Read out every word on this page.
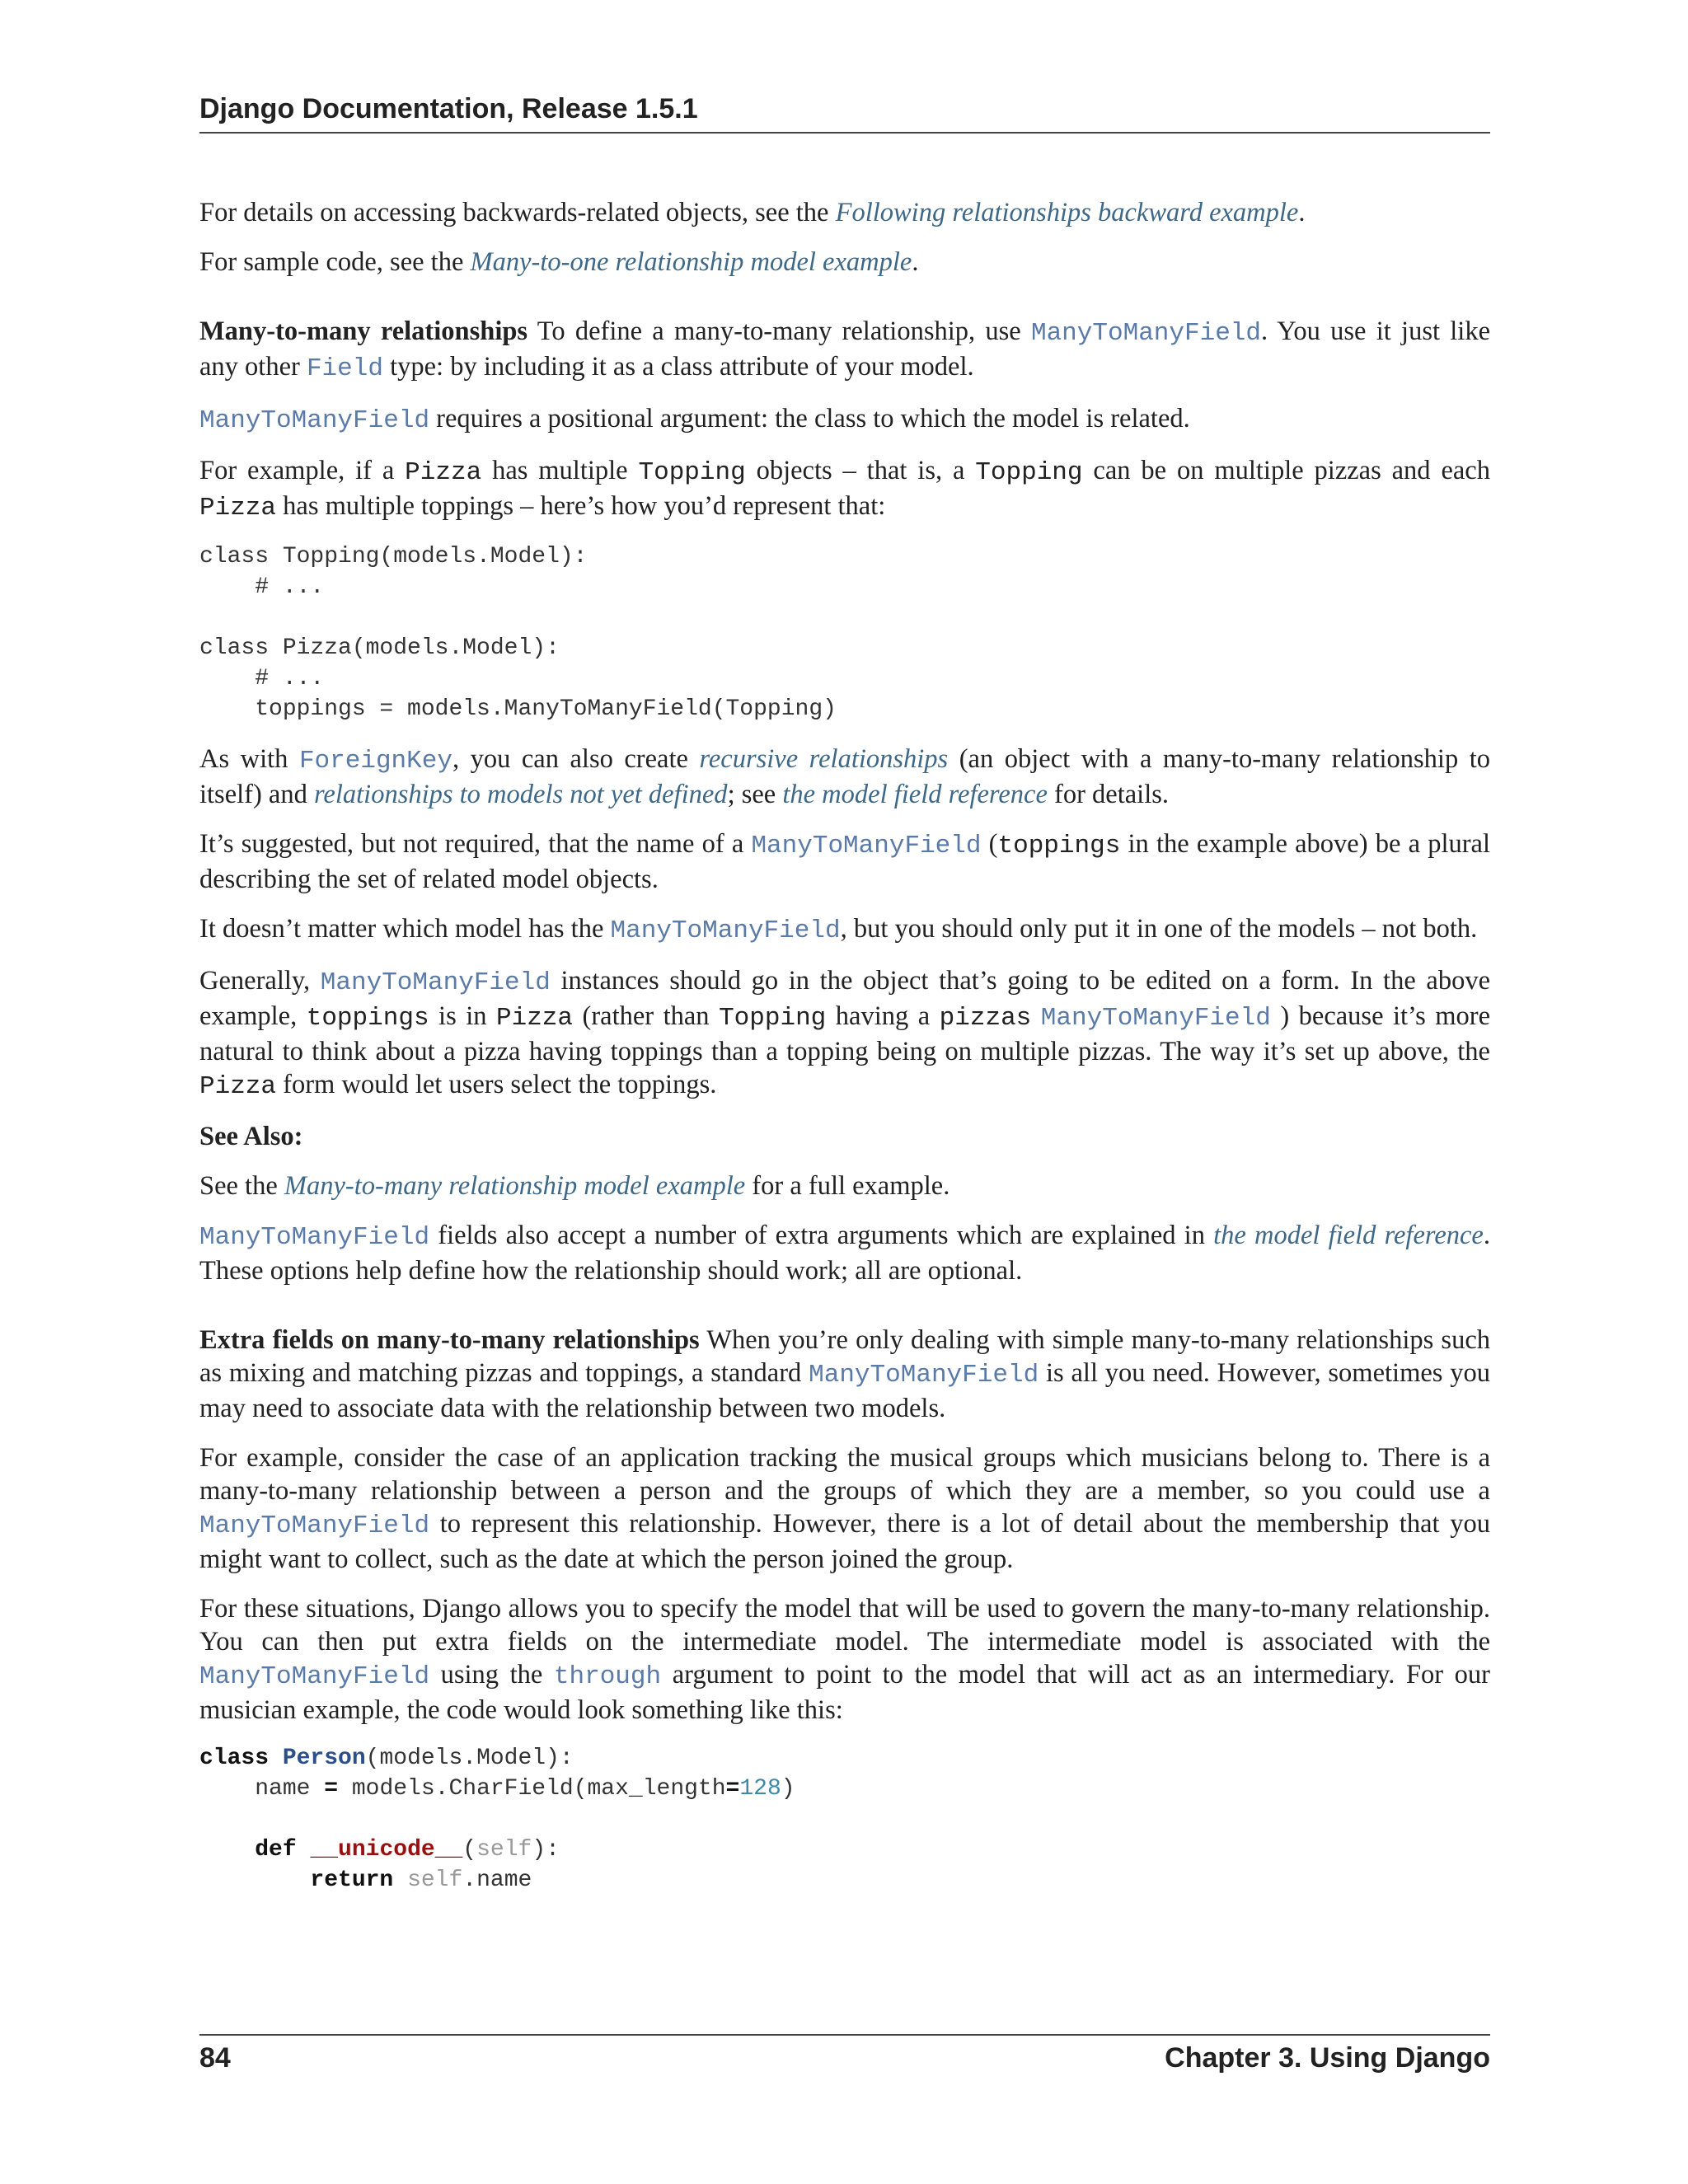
Django Documentation, Release 1.5.1

For details on accessing backwards-related objects, see the Following relationships backward example.

For sample code, see the Many-to-one relationship model example.

Many-to-many relationships To define a many-to-many relationship, use ManyToManyField. You use it just like any other Field type: by including it as a class attribute of your model.

ManyToManyField requires a positional argument: the class to which the model is related.

For example, if a Pizza has multiple Topping objects – that is, a Topping can be on multiple pizzas and each Pizza has multiple toppings – here’s how you’d represent that:

class Topping(models.Model):
# ...

class Pizza(models.Model):
# ...
toppings = models.ManyToManyField(Topping)

As with ForeignKey, you can also create recursive relationships (an object with a many-to-many relationship to itself) and relationships to models not yet defined; see the model field reference for details.

It’s suggested, but not required, that the name of a ManyToManyField (toppings in the example above) be a plural describing the set of related model objects.

It doesn’t matter which model has the ManyToManyField, but you should only put it in one of the models – not both.

Generally, ManyToManyField instances should go in the object that’s going to be edited on a form. In the above example, toppings is in Pizza (rather than Topping having a pizzas ManyToManyField ) because it’s more natural to think about a pizza having toppings than a topping being on multiple pizzas. The way it’s set up above, the Pizza form would let users select the toppings.

See Also:

See the Many-to-many relationship model example for a full example.

ManyToManyField fields also accept a number of extra arguments which are explained in the model field reference. These options help define how the relationship should work; all are optional.

Extra fields on many-to-many relationships When you’re only dealing with simple many-to-many relationships such as mixing and matching pizzas and toppings, a standard ManyToManyField is all you need. However, sometimes you may need to associate data with the relationship between two models.

For example, consider the case of an application tracking the musical groups which musicians belong to. There is a many-to-many relationship between a person and the groups of which they are a member, so you could use a ManyToManyField to represent this relationship. However, there is a lot of detail about the membership that you might want to collect, such as the date at which the person joined the group.

For these situations, Django allows you to specify the model that will be used to govern the many-to-many relationship. You can then put extra fields on the intermediate model. The intermediate model is associated with the ManyToManyField using the through argument to point to the model that will act as an intermediary. For our musician example, the code would look something like this:

class Person(models.Model):
name = models.CharField(max_length=128)

def __unicode__(self):
return self.name
84	Chapter 3. Using Django
